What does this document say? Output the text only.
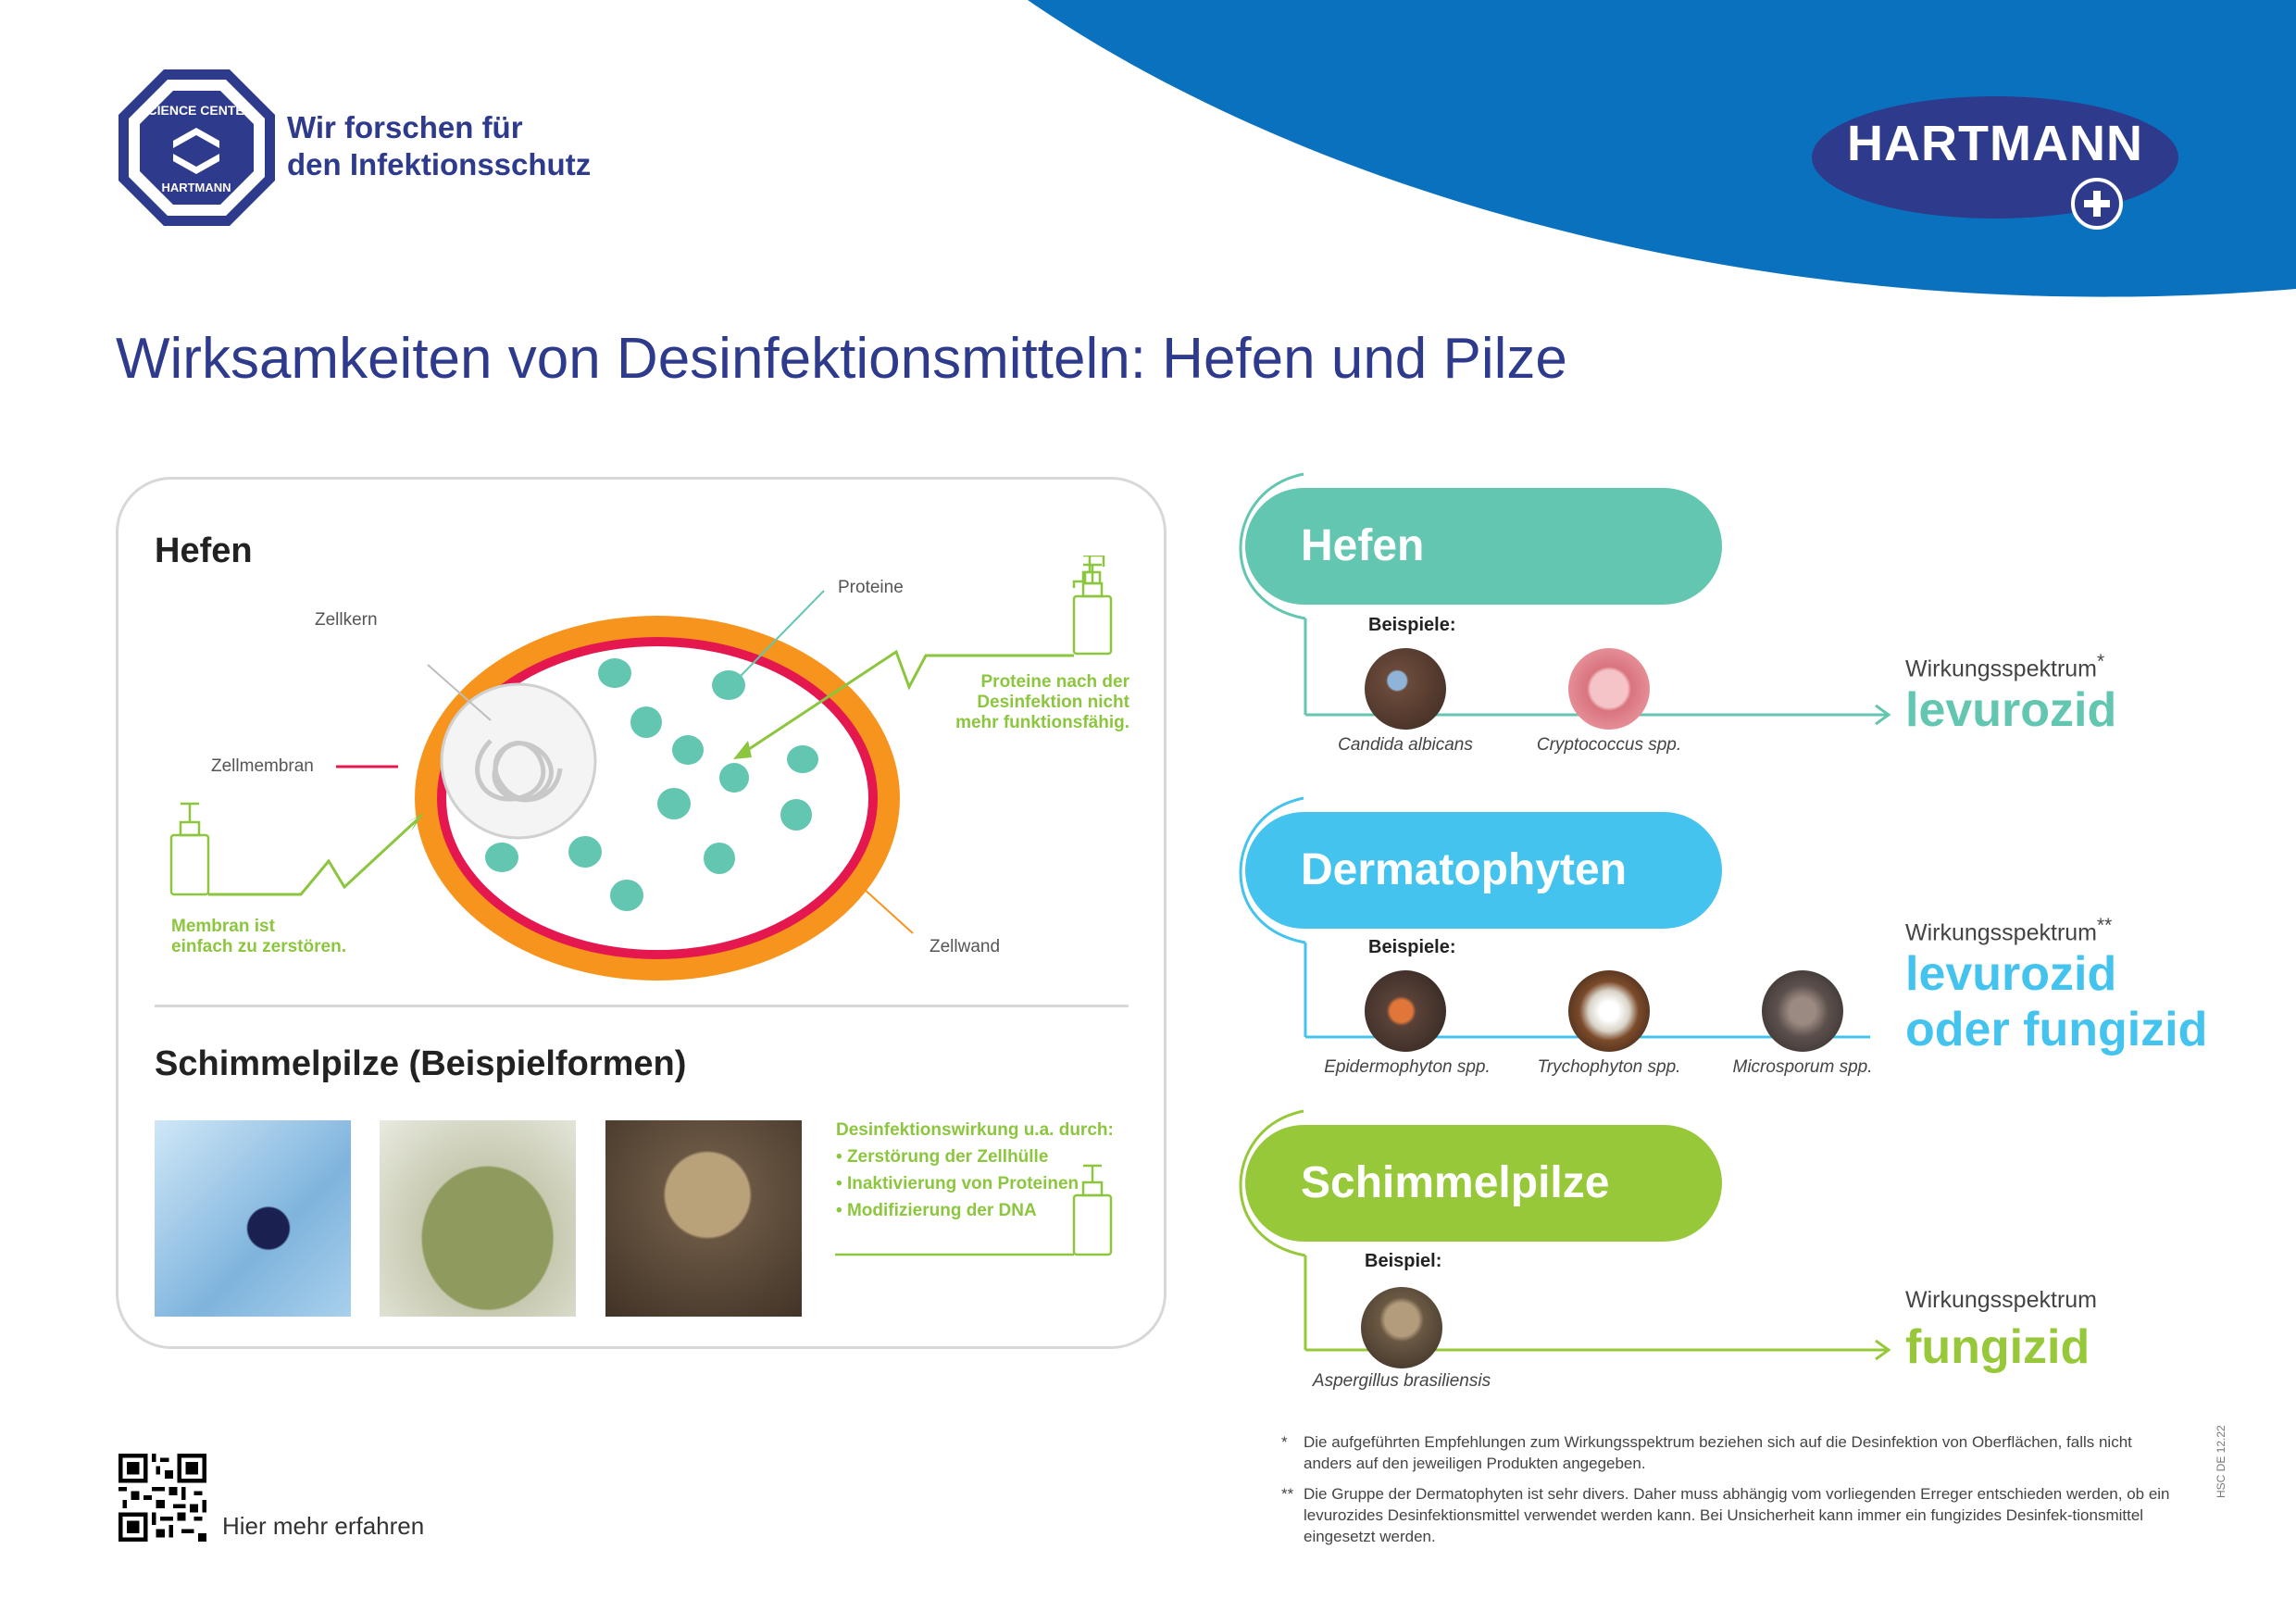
SCIENCE CENTER
HARTMANN
Wir forschen für
den Infektionsschutz	HARTMANN
Wirksamkeiten von Desinfektionsmitteln: Hefen und Pilze
Hefen
Zellkern
Proteine
Zellmembran
Zellwand
Proteine nach der
Desinfektion nicht
mehr funktionsfähig.
Membran ist
einfach zu zerstören.
Schimmelpilze (Beispielformen)
Desinfektionswirkung u.a. durch:
• Zerstörung der Zellhülle
• Inaktivierung von Proteinen
• Modifizierung der DNA
Hefen
Beispiele:
Candida albicans	Cryptococcus spp.
Wirkungsspektrum*
levurozid
Dermatophyten
Beispiele:
Epidermophyton spp.	Trychophyton spp.	Microsporum spp.
Wirkungsspektrum**
levurozid
oder fungizid
Schimmelpilze
Beispiel:
Aspergillus brasiliensis
Wirkungsspektrum
fungizid
Hier mehr erfahren
*	Die aufgeführten Empfehlungen zum Wirkungsspektrum beziehen sich auf die Desinfektion von Oberflächen, falls nicht anders auf den jeweiligen Produkten angegeben.
** Die Gruppe der Dermatophyten ist sehr divers. Daher muss abhängig vom vorliegenden Erreger entschieden werden, ob ein levurozides Desinfektionsmittel verwendet werden kann. Bei Unsicherheit kann immer ein fungizides Desinfek-tionsmittel eingesetzt werden.
HSC DE 12.22
